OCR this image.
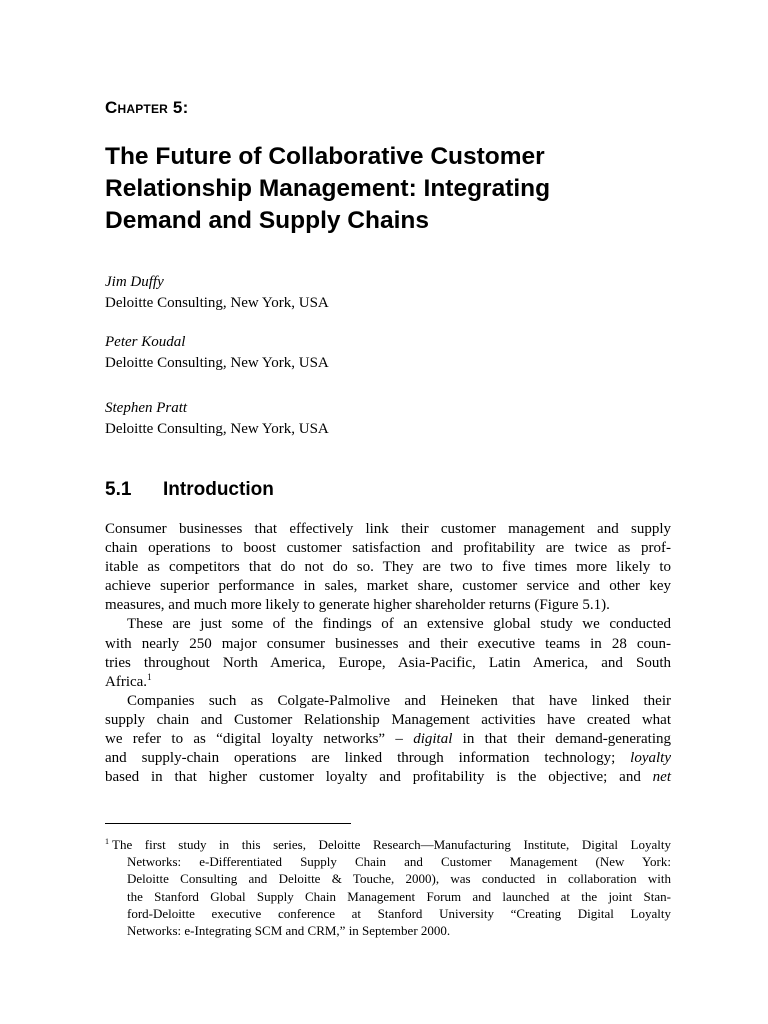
Chapter 5:
The Future of Collaborative Customer
Relationship Management: Integrating
Demand and Supply Chains
Jim Duffy
Deloitte Consulting, New York, USA
Peter Koudal
Deloitte Consulting, New York, USA
Stephen Pratt
Deloitte Consulting, New York, USA
5.1 Introduction
Consumer businesses that effectively link their customer management and supply
chain operations to boost customer satisfaction and profitability are twice as prof-
itable as competitors that do not do so. They are two to five times more likely to
achieve superior performance in sales, market share, customer service and other key
measures, and much more likely to generate higher shareholder returns (Figure 5.1).
These are just some of the findings of an extensive global study we conducted
with nearly 250 major consumer businesses and their executive teams in 28 coun-
tries throughout North America, Europe, Asia-Pacific, Latin America, and South
Africa.$^1$
Companies such as Colgate-Palmolive and Heineken that have linked their
supply chain and Customer Relationship Management activities have created what
we refer to as “digital loyalty networks” – digital in that their demand-generating
and supply-chain operations are linked through information technology; loyalty
based in that higher customer loyalty and profitability is the objective; and net
$^1$ The first study in this series, Deloitte Research—Manufacturing Institute, Digital Loyalty
Networks: e-Differentiated Supply Chain and Customer Management (New York:
Deloitte Consulting and Deloitte & Touche, 2000), was conducted in collaboration with
the Stanford Global Supply Chain Management Forum and launched at the joint Stan-
ford-Deloitte executive conference at Stanford University “Creating Digital Loyalty
Networks: e-Integrating SCM and CRM,” in September 2000.
